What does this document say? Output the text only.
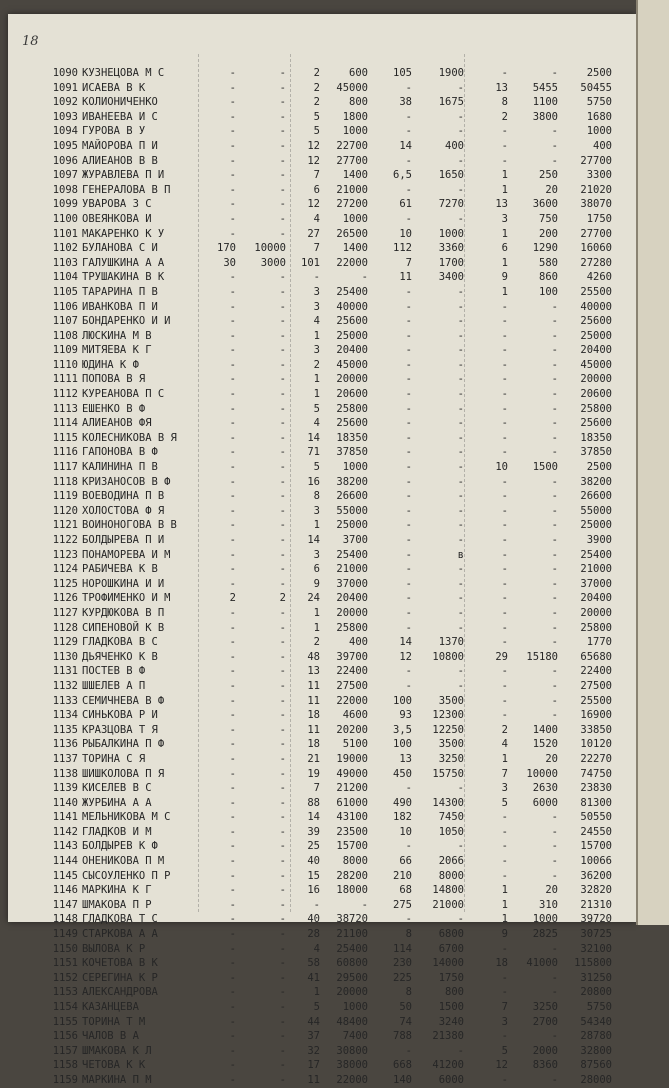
18
1090 КУЗНЕЦОВА М С	-	-	2	600	105	1900	-	-	2500
1091 ИСАЕВА В К	-	-	2	45000	-	-	13	5455	50455
1092 КОЛИОНИЧЕНКО	-	-	2	800	38	1675	8	1100	5750
1093 ИВАНЕЕВА И С	-	-	5	1800	-	-	2	3800	1680
1094 ГУРОВА В У	-	-	5	1000	-	-	-	-	1000
1095 МАЙОРОВА П И	-	-	12	22700	14	400	-	-	400
1096 АЛИЕАНОВ В В	-	-	12	27700	-	-	-	-	27700
1097 ЖУРАВЛЕВА П И	-	-	7	1400	6,5	1650	1	250	3300
1098 ГЕНЕРАЛОВА В П	-	-	6	21000	-	-	1	20	21020
1099 УВАРОВА З С	-	-	12	27200	61	7270	13	3600	38070
1100 ОВЕЯНКОВА И	-	-	4	1000	-	-	3	750	1750
1101 МАКАРЕНКО К У	-	-	27	26500	10	1000	1	200	27700
1102 БУЛАНОВА С И	170	10000	7	1400	112	3360	6	1290	16060
1103 ГАЛУШКИНА А А	30	3000	101	22000	7	1700	1	580	27280
1104 ТРУШАКИНА В К	-	-	-	-	11	3400	9	860	4260
1105 ТАРАРИНА П В	-	-	3	25400	-	-	1	100	25500
1106 ИВАНКОВА П И	-	-	3	40000	-	-	-	-	40000
1107 БОНДАРЕНКО И И	-	-	4	25600	-	-	-	-	25600
1108 ЛЮСКИНА М В	-	-	1	25000	-	-	-	-	25000
1109 МИТЯЕВА К Г	-	-	3	20400	-	-	-	-	20400
1110 ЮДИНА К Ф	-	-	2	45000	-	-	-	-	45000
1111 ПОПОВА В Я	-	-	1	20000	-	-	-	-	20000
1112 КУРЕАНОВА П С	-	-	1	20600	-	-	-	-	20600
1113 ЕШЕНКО В Ф	-	-	5	25800	-	-	-	-	25800
1114 АЛИЕАНОВ ФЯ	-	-	4	25600	-	-	-	-	25600
1115 КОЛЕСНИКОВА В Я	-	-	14	18350	-	-	-	-	18350
1116 ГАПОНОВА В Ф	-	-	71	37850	-	-	-	-	37850
1117 КАЛИНИНА П В	-	-	5	1000	-	-	10	1500	2500
1118 КРИЗАНОСОВ В Ф	-	-	16	38200	-	-	-	-	38200
1119 ВОЕВОДИНА П В	-	-	8	26600	-	-	-	-	26600
1120 ХОЛОСТОВА Ф Я	-	-	3	55000	-	-	-	-	55000
1121 ВОИНОНОГОВА В В	-	-	1	25000	-	-	-	-	25000
1122 БОЛДЫРЕВА П И	-	-	14	3700	-	-	-	-	3900
1123 ПОНАМОРЕВА И М	-	-	3	25400	-	в	-	-	25400
1124 РАБИЧЕВА К В	-	-	6	21000	-	-	-	-	21000
1125 НОРОШКИНА И И	-	-	9	37000	-	-	-	-	37000
1126 ТРОФИМЕНКО И М	2	2	24	20400	-	-	-	-	20400
1127 КУРДЮКОВА В П	-	-	1	20000	-	-	-	-	20000
1128 СИПЕНОВОЙ К В	-	-	1	25800	-	-	-	-	25800
1129 ГЛАДКОВА В С	-	-	2	400	14	1370	-	-	1770
1130 ДЬЯЧЕНКО К В	-	-	48	39700	12	10800	29	15180	65680
1131 ПОСТЕВ В Ф	-	-	13	22400	-	-	-	-	22400
1132 ШШЕЛЕВ А П	-	-	11	27500	-	-	-	-	27500
1133 СЕМИЧНЕВА В Ф	-	-	11	22000	100	3500	-	-	25500
1134 СИНЬКОВА Р И	-	-	18	4600	93	12300	-	-	16900
1135 КРАЗЦОВА Т Я	-	-	11	20200	3,5	12250	2	1400	33850
1136 РЫБАЛКИНА П Ф	-	-	18	5100	100	3500	4	1520	10120
1137 ТОРИНА С Я	-	-	21	19000	13	3250	1	20	22270
1138 ШИШКОЛОВА П Я	-	-	19	49000	450	15750	7	10000	74750
1139 КИСЕЛЕВ В С	-	-	7	21200	-	-	3	2630	23830
1140 ЖУРБИНА А А	-	-	88	61000	490	14300	5	6000	81300
1141 МЕЛЬНИКОВА М С	-	-	14	43100	182	7450	-	-	50550
1142 ГЛАДКОВ И М	-	-	39	23500	10	1050	-	-	24550
1143 БОЛДЫРЕВ К Ф	-	-	25	15700	-	-	-	-	15700
1144 ОНЕНИКОВА П М	-	-	40	8000	66	2066	-	-	10066
1145 СЫСОУЛЕНКО П Р	-	-	15	28200	210	8000	-	-	36200
1146 МАРКИНА К Г	-	-	16	18000	68	14800	1	20	32820
1147 ШМАКОВА П Р	-	-	-	-	275	21000	1	310	21310
1148 ГЛАДКОВА Т С	-	-	40	38720	-	-	1	1000	39720
1149 СТАРКОВА А А	-	-	28	21100	8	6800	9	2825	30725
1150 ВЫЛОВА К Р	-	-	4	25400	114	6700	-	-	32100
1151 КОЧЕТОВА В К	-	-	58	60800	230	14000	18	41000	115800
1152 СЕРЕГИНА К Р	-	-	41	29500	225	1750	-	-	31250
1153 АЛЕКСАНДРОВА	-	-	1	20000	8	800	-	-	20800
1154 КАЗАНЦЕВА	-	-	5	1000	50	1500	7	3250	5750
1155 ТОРИНА Т М	-	-	44	48400	74	3240	3	2700	54340
1156 ЧАЛОВ В А	-	-	37	7400	788	21380	-	-	28780
1157 ШМАКОВА К Л	-	-	32	30800	-	-	5	2000	32800
1158 ЧЕТОВА К К	-	-	17	38000	668	41200	12	8360	87560
1159 МАРКИНА П М	-	-	11	22000	140	6000	-	-	28000
